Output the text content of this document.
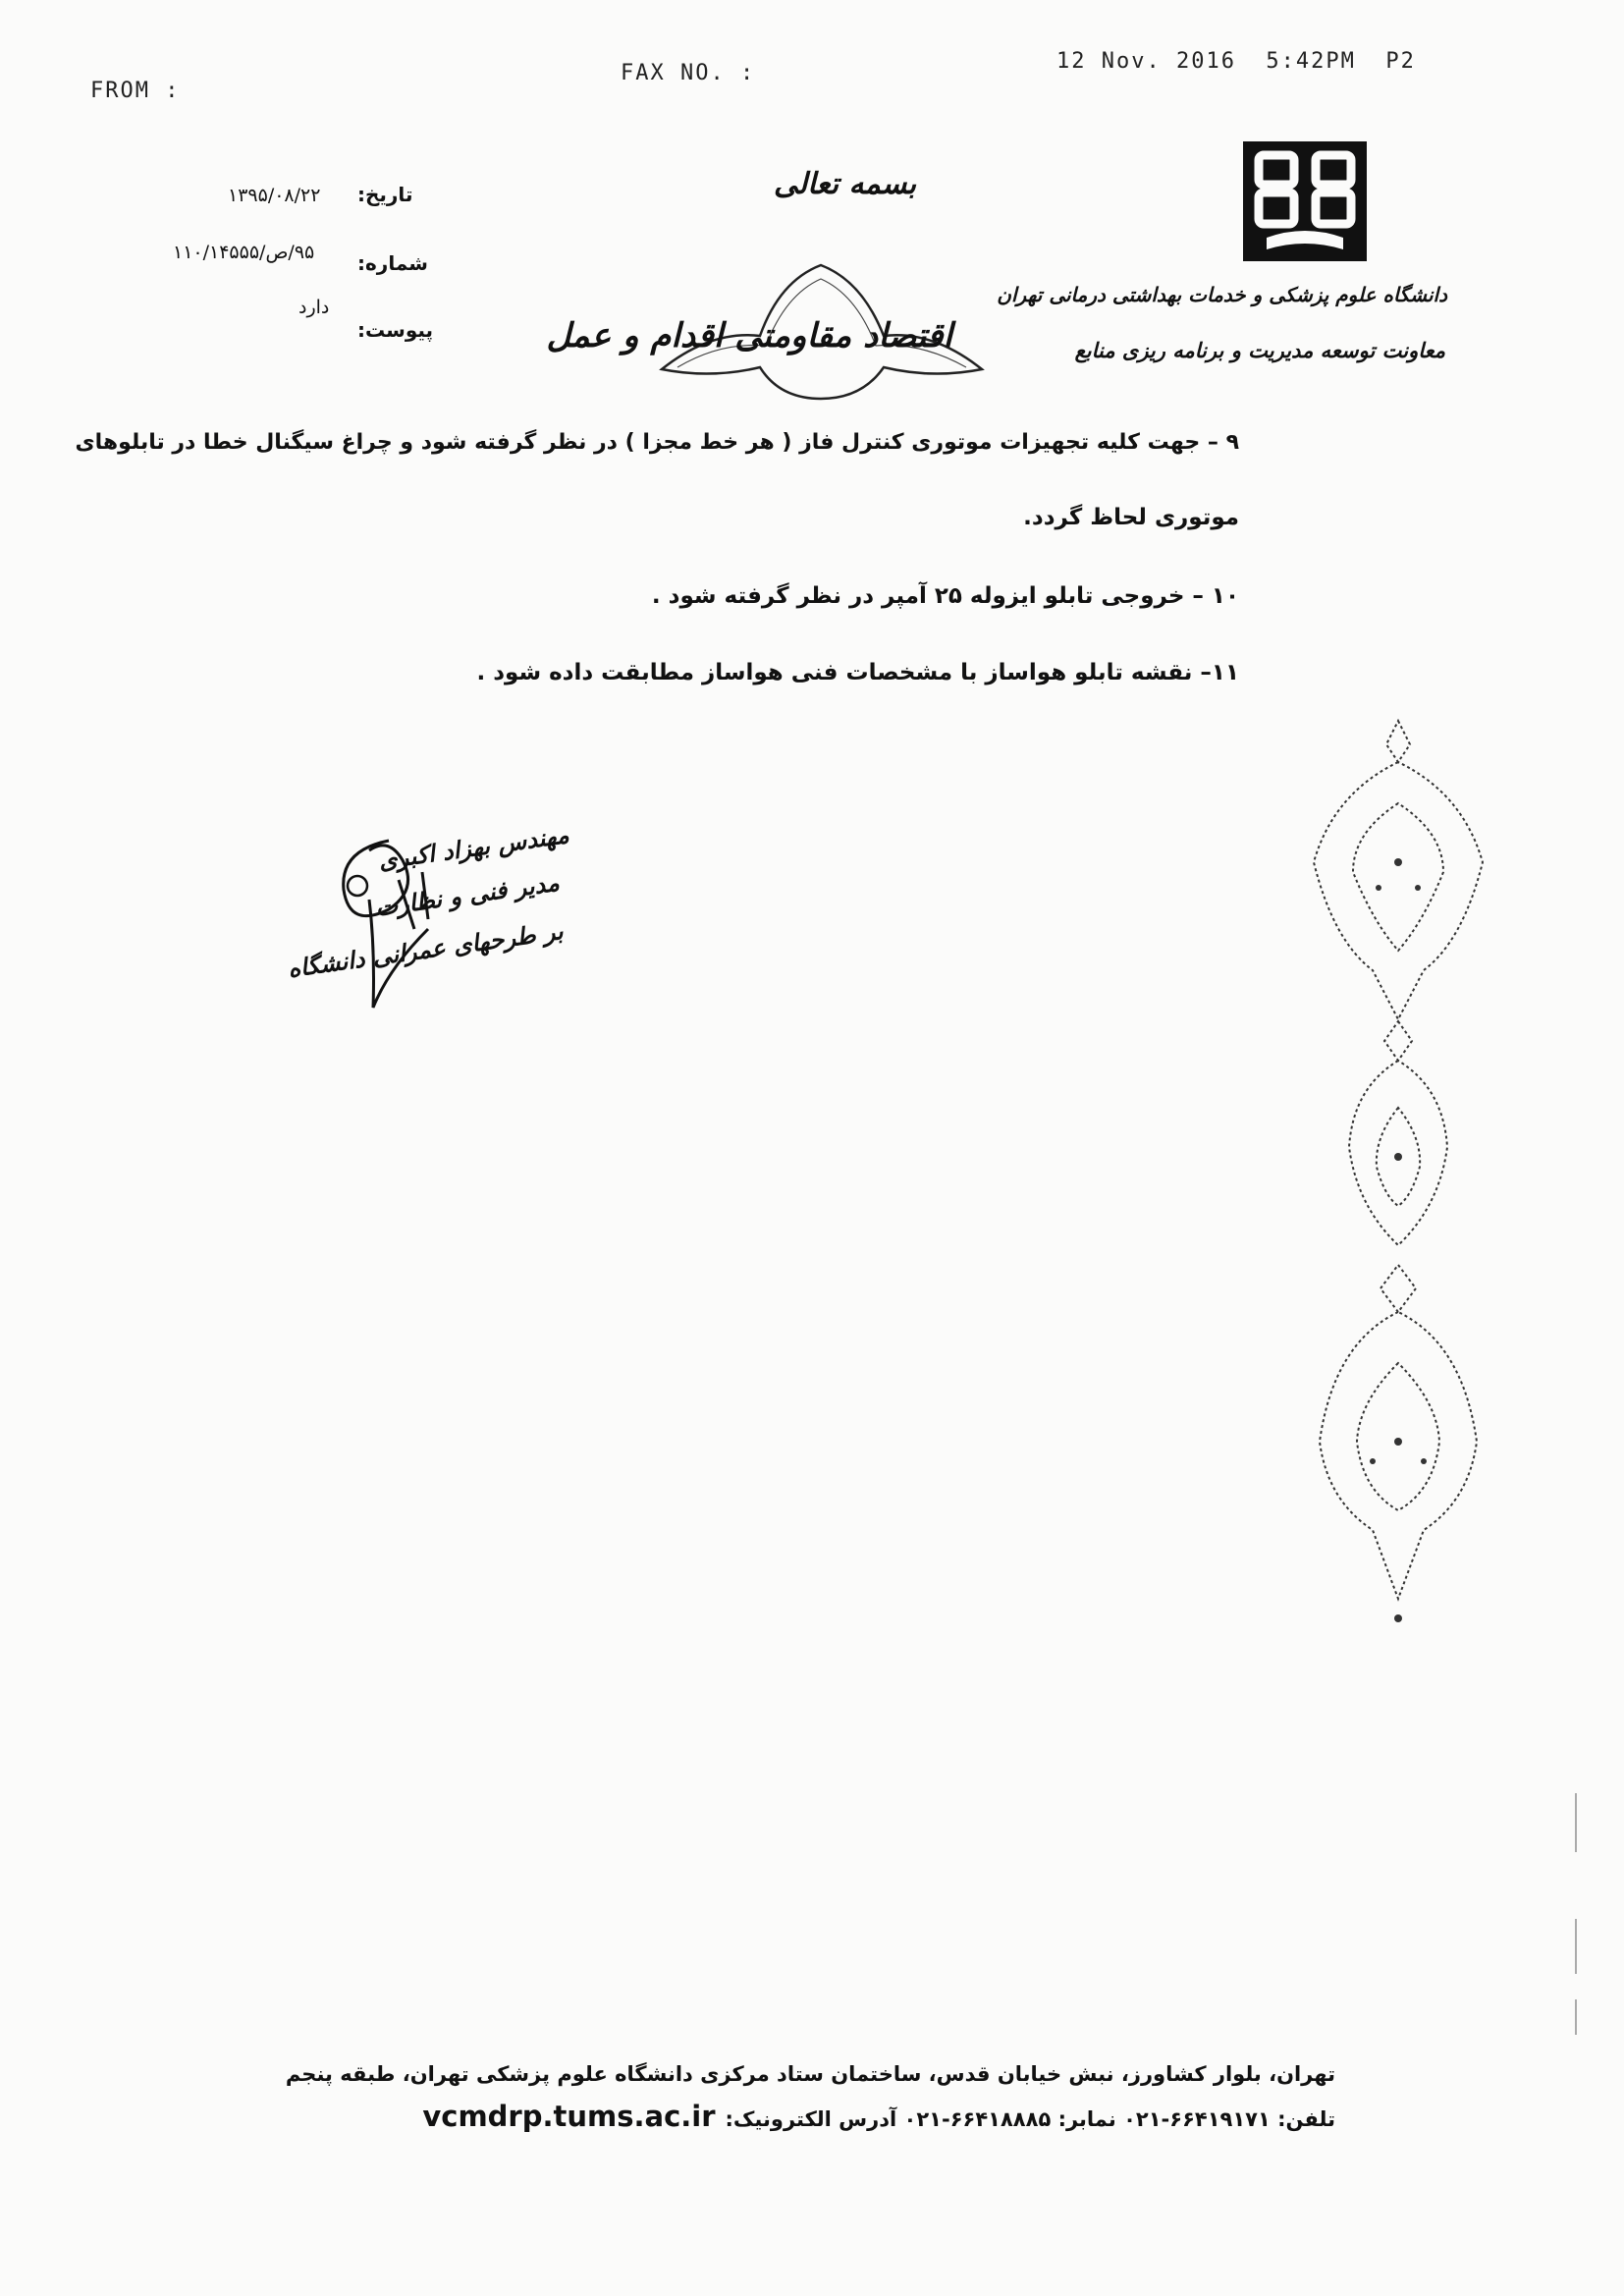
FROM :
FAX NO. :	12 Nov. 2016  5:42PM  P2
دانشگاه علوم پزشکی و خدمات بهداشتی درمانی تهران
معاونت توسعه مدیریت و برنامه ریزی منابع
بسمه تعالی
اقتصاد مقاومتی اقدام و عمل
تاریخ:
۱۳۹۵/۰۸/۲۲
شماره:
۹۵/ص/۱۱۰/۱۴۵۵۵
پیوست:
دارد
۹ – جهت کلیه تجهیزات موتوری کنترل فاز ( هر خط مجزا ) در نظر گرفته شود و چراغ سیگنال خطا در تابلوهای
موتوری لحاظ گردد.
۱۰ – خروجی تابلو ایزوله ۲۵ آمپر در نظر گرفته شود .
۱۱– نقشه تابلو هواساز با مشخصات فنی هواساز مطابقت داده شود .
مهندس بهزاد اکبری
مدیر فنی و نظارت
بر طرحهای عمرانی دانشگاه
تهران، بلوار کشاورز، نبش خیابان قدس، ساختمان ستاد مرکزی دانشگاه علوم پزشکی تهران، طبقه پنجم
vcmdrp.tums.ac.ir تلفن: ۶۶۴۱۹۱۷۱-۰۲۱ نمابر: ۶۶۴۱۸۸۸۵-۰۲۱ آدرس الکترونیک:
